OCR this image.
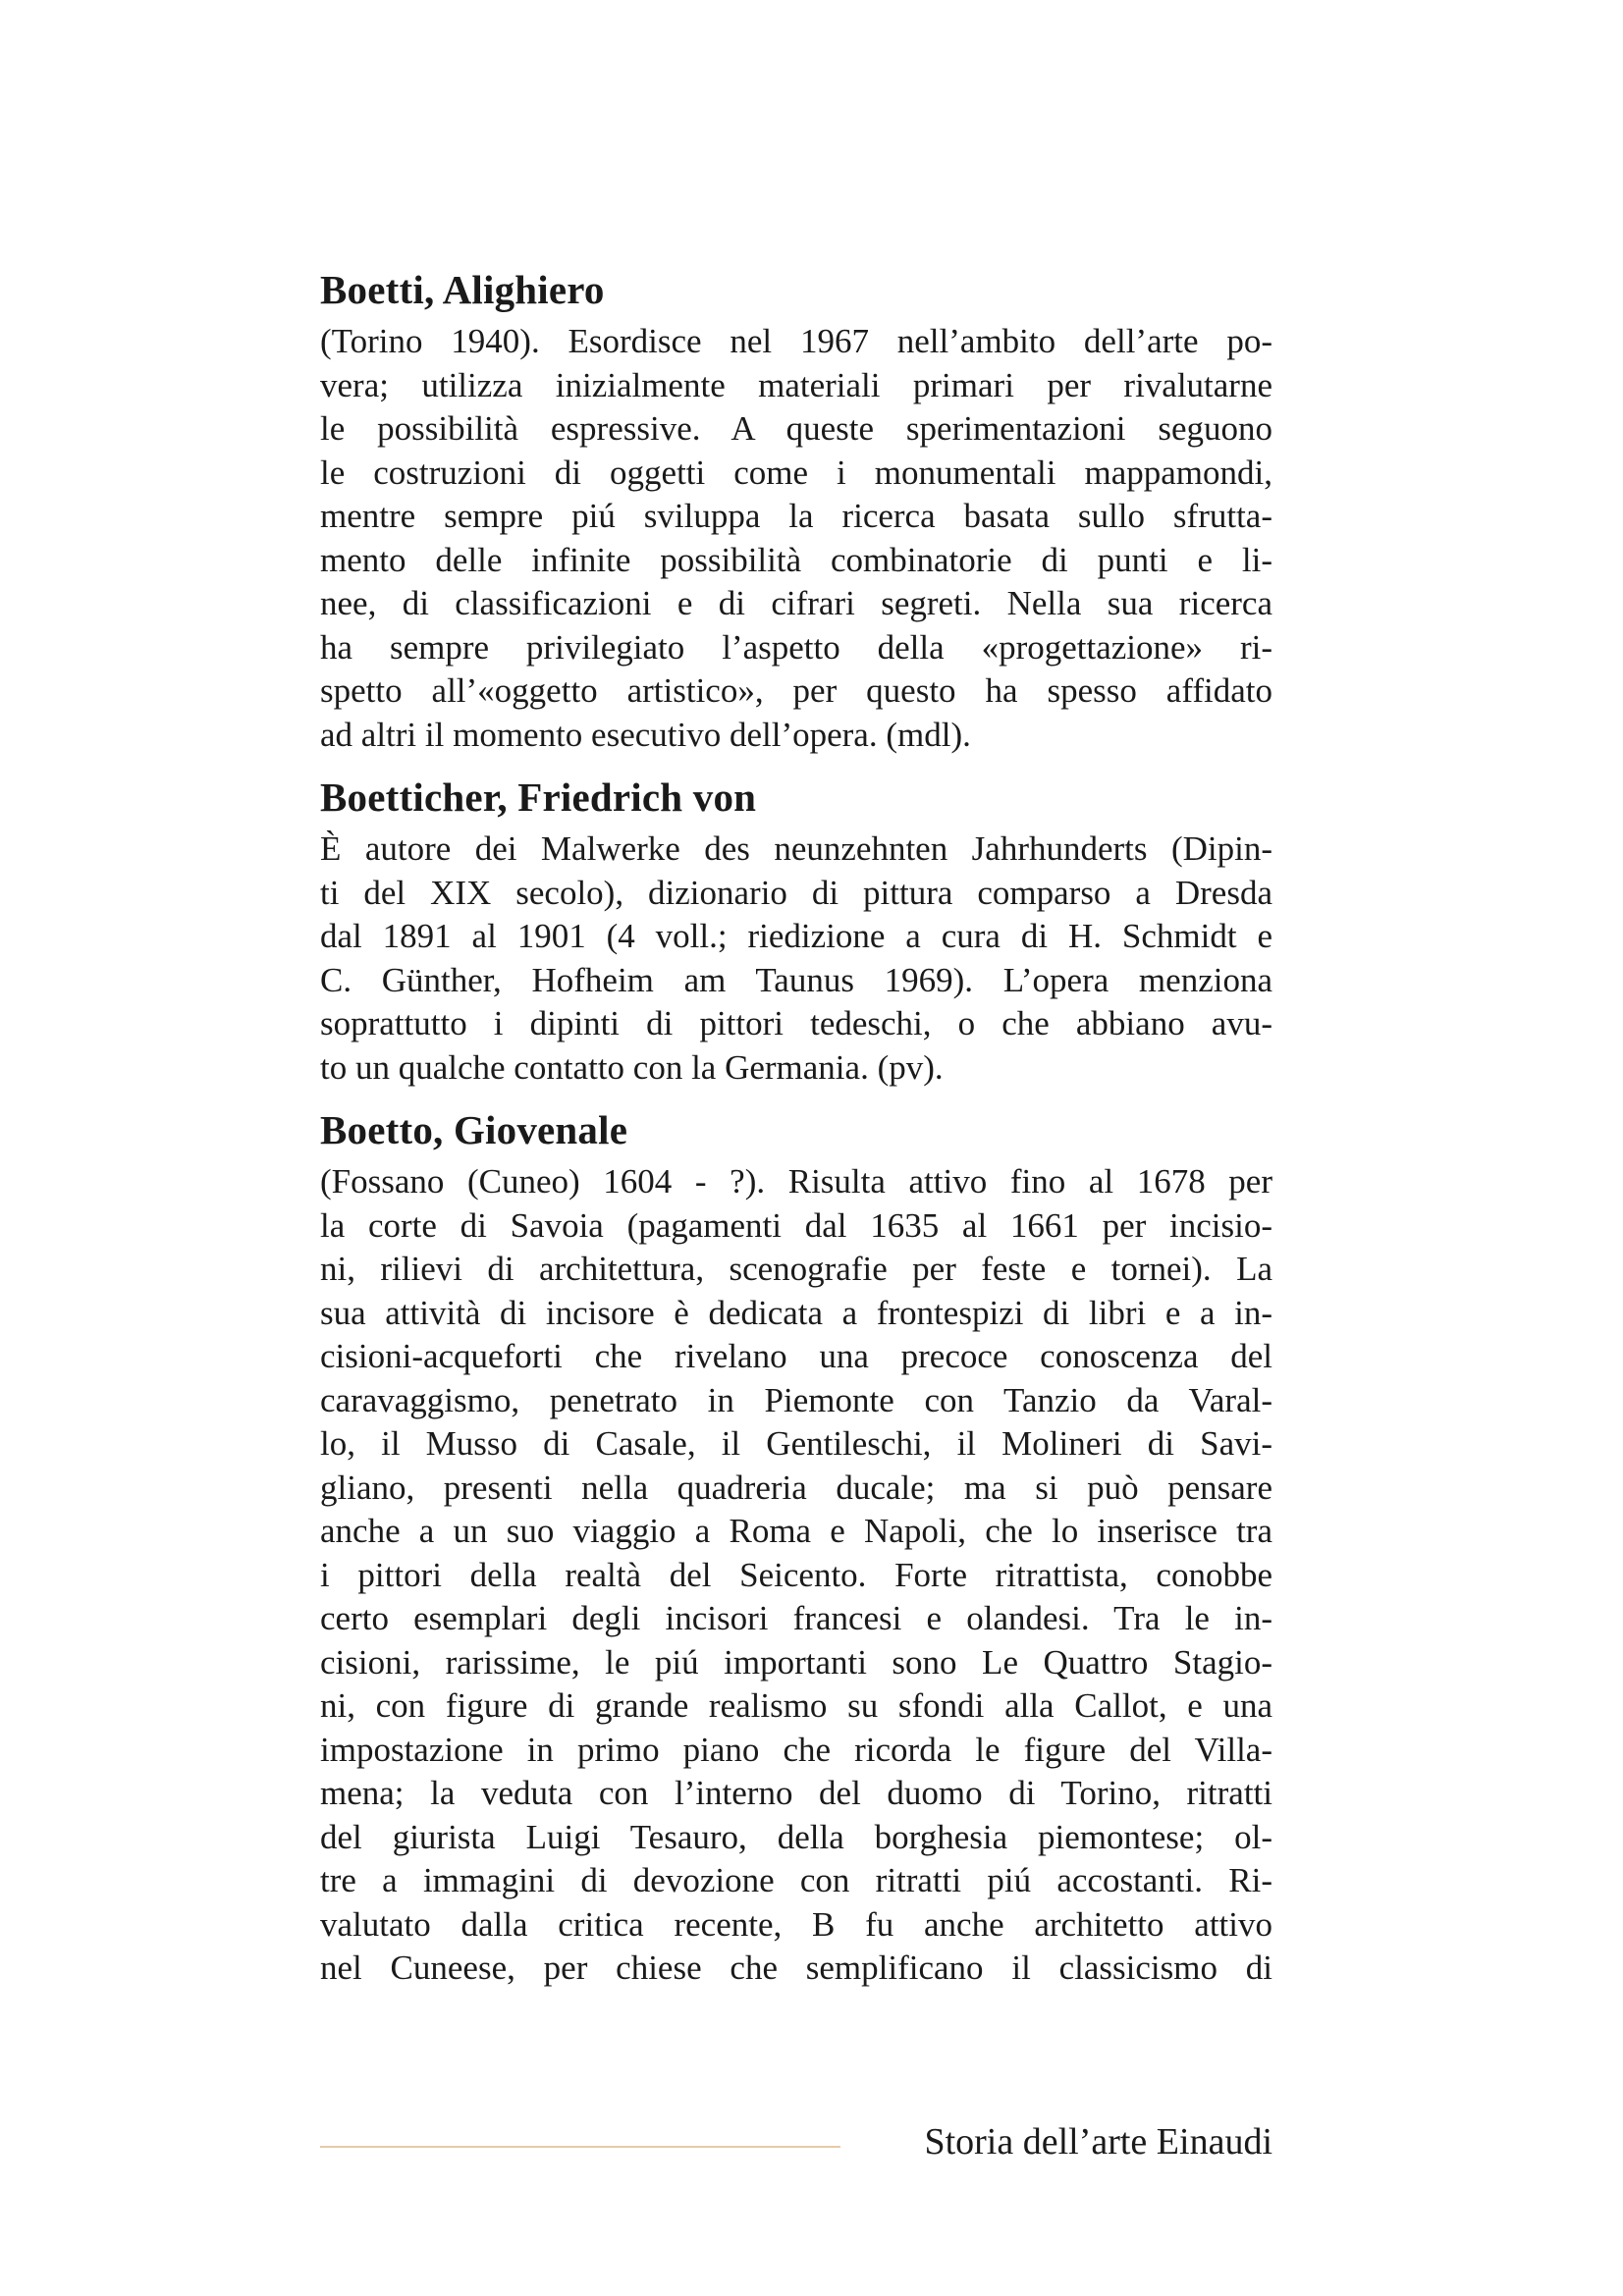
Boetti, Alighiero

(Torino 1940). Esordisce nel 1967 nell’ambito dell’arte po-
vera; utilizza inizialmente materiali primari per rivalutarne
le possibilità espressive. A queste sperimentazioni seguono
le costruzioni di oggetti come i monumentali mappamondi,
mentre sempre piú sviluppa la ricerca basata sullo sfrutta-
mento delle infinite possibilità combinatorie di punti e li-
nee, di classificazioni e di cifrari segreti. Nella sua ricerca
ha sempre privilegiato l’aspetto della «progettazione» ri-
spetto all’«oggetto artistico», per questo ha spesso affidato
ad altri il momento esecutivo dell’opera. (mdl).

Boetticher, Friedrich von

È autore dei Malwerke des neunzehnten Jahrhunderts (Dipin-
ti del XIX secolo), dizionario di pittura comparso a Dresda
dal 1891 al 1901 (4 voll.; riedizione a cura di H. Schmidt e
C. Günther, Hofheim am Taunus 1969). L’opera menziona
soprattutto i dipinti di pittori tedeschi, o che abbiano avu-
to un qualche contatto con la Germania. (pv).

Boetto, Giovenale

(Fossano (Cuneo) 1604 - ?). Risulta attivo fino al 1678 per
la corte di Savoia (pagamenti dal 1635 al 1661 per incisio-
ni, rilievi di architettura, scenografie per feste e tornei). La
sua attività di incisore è dedicata a frontespizi di libri e a in-
cisioni-acqueforti che rivelano una precoce conoscenza del
caravaggismo, penetrato in Piemonte con Tanzio da Varal-
lo, il Musso di Casale, il Gentileschi, il Molineri di Savi-
gliano, presenti nella quadreria ducale; ma si può pensare
anche a un suo viaggio a Roma e Napoli, che lo inserisce tra
i pittori della realtà del Seicento. Forte ritrattista, conobbe
certo esemplari degli incisori francesi e olandesi. Tra le in-
cisioni, rarissime, le piú importanti sono Le Quattro Stagio-
ni, con figure di grande realismo su sfondi alla Callot, e una
impostazione in primo piano che ricorda le figure del Villa-
mena; la veduta con l’interno del duomo di Torino, ritratti
del giurista Luigi Tesauro, della borghesia piemontese; ol-
tre a immagini di devozione con ritratti piú accostanti. Ri-
valutato dalla critica recente, B fu anche architetto attivo
nel Cuneese, per chiese che semplificano il classicismo di

Storia dell’arte Einaudi
